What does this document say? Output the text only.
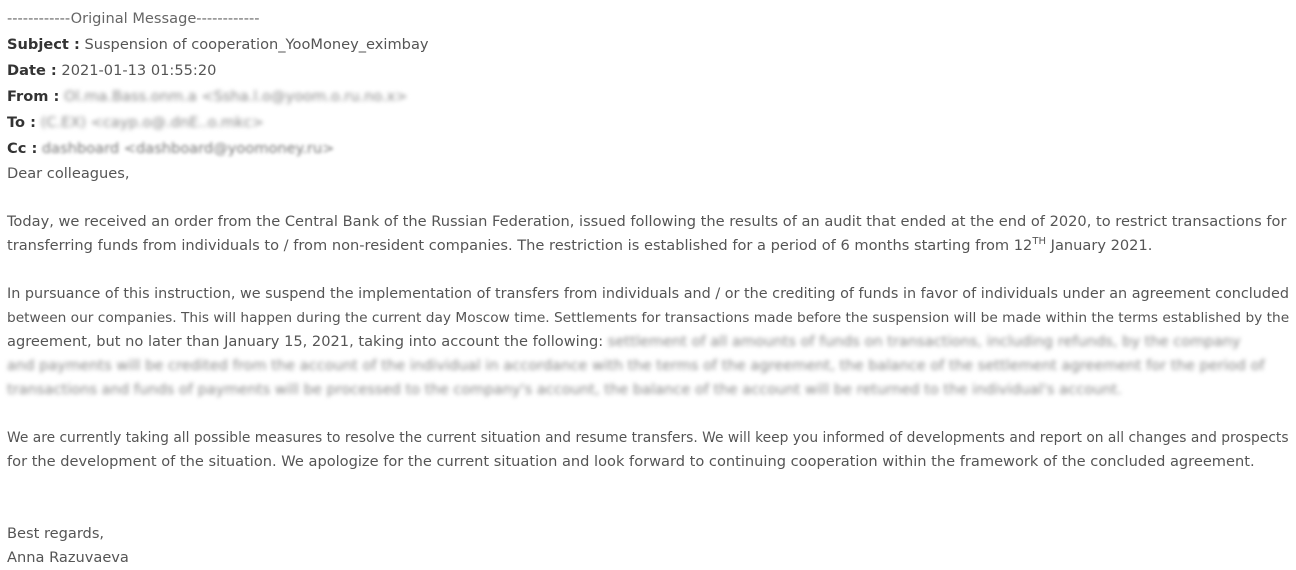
------------Original Message------------
Subject : Suspension of cooperation_YooMoney_eximbay
Date : 2021-01-13 01:55:20
From : Ol.ma.Bass.onm.a <Ssha.l.o@yoom.o.ru.no.x>
To : (C.EX) <cayp.o@.dnE..o.mkc>
Cc : dashboard <dashboard@yoomoney.ru>

Dear colleagues,

Today, we received an order from the Central Bank of the Russian Federation, issued following the results of an audit that ended at the end of 2020, to restrict transactions for

transferring funds from individuals to / from non-resident companies. The restriction is established for a period of 6 months starting from 12TH January 2021.

In pursuance of this instruction, we suspend the implementation of transfers from individuals and / or the crediting of funds in favor of individuals under an agreement concluded

between our companies. This will happen during the current day Moscow time. Settlements for transactions made before the suspension will be made within the terms established by the

agreement, but no later than January 15, 2021, taking into account the following: settlement of all amounts of funds on transactions, including refunds, by the company

and payments will be credited from the account of the individual in accordance with the terms of the agreement, the balance of the settlement agreement for the period of

transactions and funds of payments will be processed to the company's account, the balance of the account will be returned to the individual's account.

We are currently taking all possible measures to resolve the current situation and resume transfers. We will keep you informed of developments and report on all changes and prospects

for the development of the situation. We apologize for the current situation and look forward to continuing cooperation within the framework of the concluded agreement.

Best regards,

Anna Razuvaeva
